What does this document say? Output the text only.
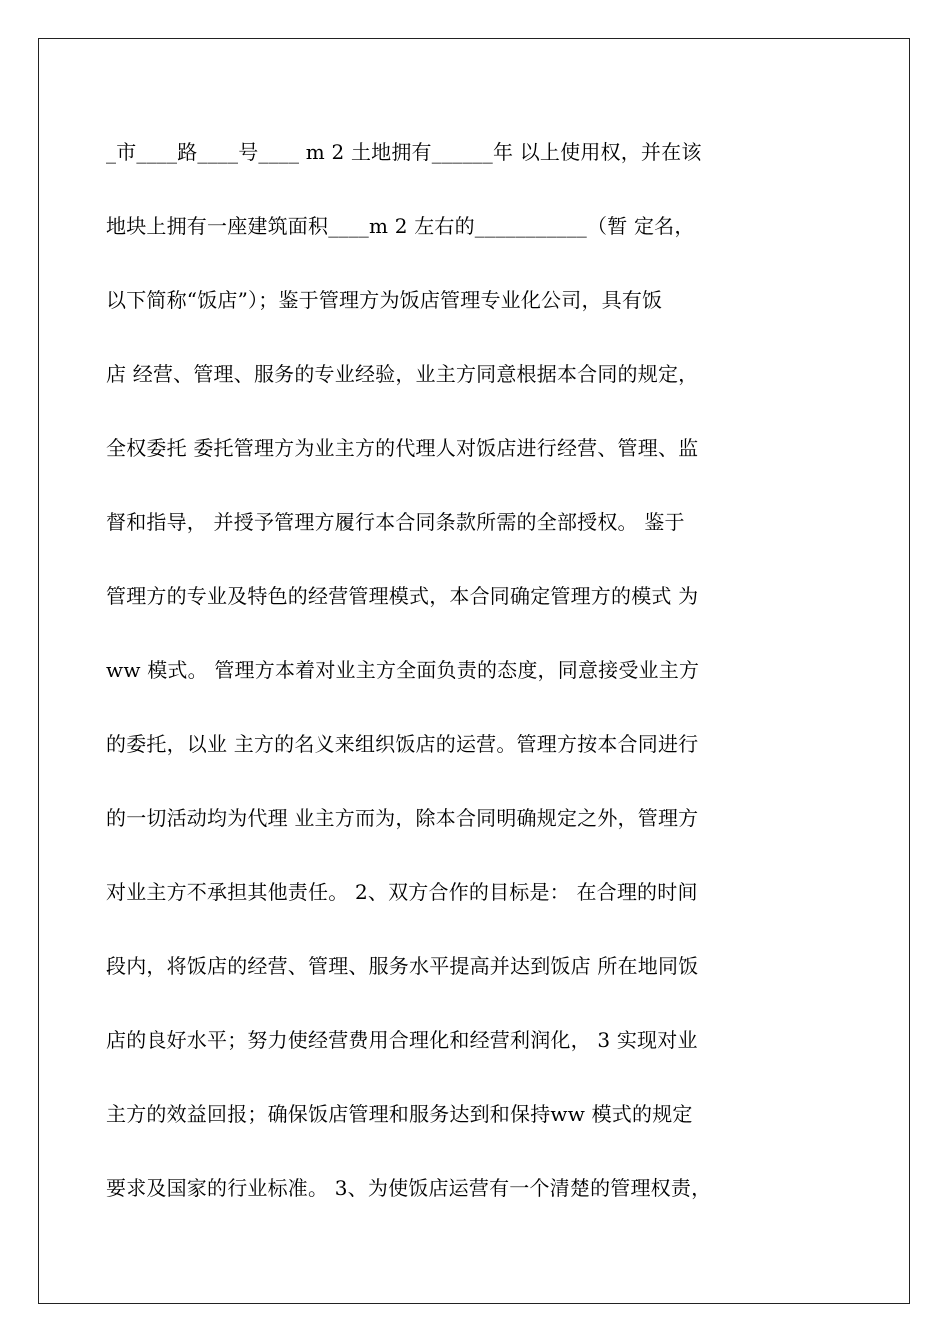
_市____路____号____ m 2 土地拥有______年 以上使用权，并在该
地块上拥有一座建筑面积____m 2 左右的___________（暂 定名，
以下简称“饭店”）；鉴于管理方为饭店管理专业化公司，具有饭
店 经营、管理、服务的专业经验，业主方同意根据本合同的规定，
全权委托 委托管理方为业主方的代理人对饭店进行经营、管理、监
督和指导， 并授予管理方履行本合同条款所需的全部授权。 鉴于
管理方的专业及特色的经营管理模式，本合同确定管理方的模式 为
ww 模式。 管理方本着对业主方全面负责的态度，同意接受业主方
的委托，以业 主方的名义来组织饭店的运营。管理方按本合同进行
的一切活动均为代理 业主方而为，除本合同明确规定之外，管理方
对业主方不承担其他责任。 2、双方合作的目标是： 在合理的时间
段内，将饭店的经营、管理、服务水平提高并达到饭店 所在地同饭
店的良好水平；努力使经营费用合理化和经营利润化， 3 实现对业
主方的效益回报；确保饭店管理和服务达到和保持ww 模式的规定
要求及国家的行业标准。 3、为使饭店运营有一个清楚的管理权责，
